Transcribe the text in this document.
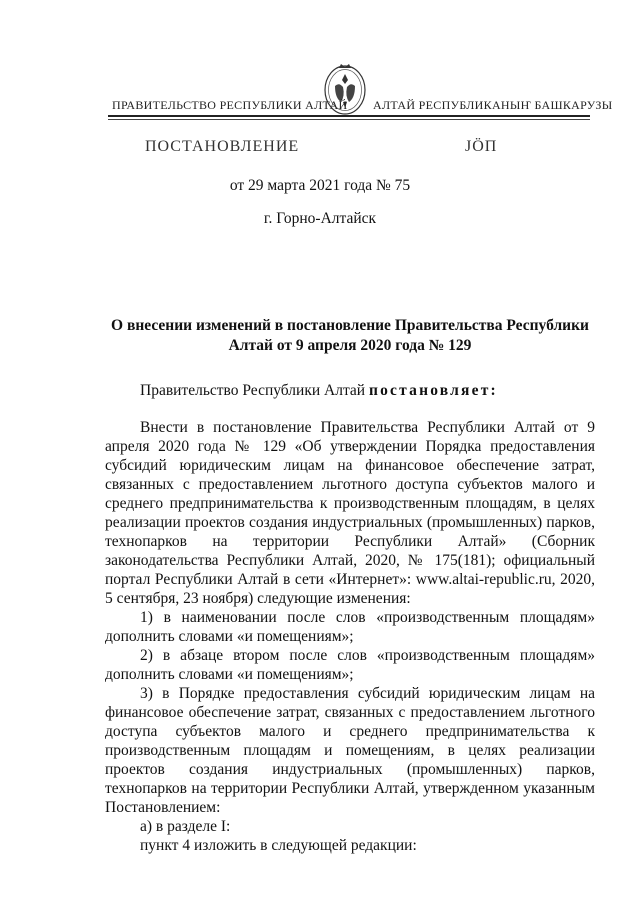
ПРАВИТЕЛЬСТВО РЕСПУБЛИКИ АЛТАЙ АЛТАЙ РЕСПУБЛИКАНЫҤ БАШКАРУЗЫ
ПОСТАНОВЛЕНИЕ	JÖП
от 29 марта 2021 года № 75
г. Горно-Алтайск
О внесении изменений в постановление Правительства Республики
Алтай от 9 апреля 2020 года № 129
Правительство Республики Алтай постановляет:

Внести в постановление Правительства Республики Алтай от 9 апреля 2020 года № 129 «Об утверждении Порядка предоставления субсидий юридическим лицам на финансовое обеспечение затрат, связанных с предоставлением льготного доступа субъектов малого и среднего предпринимательства к производственным площадям, в целях реализации проектов создания индустриальных (промышленных) парков, технопарков на территории Республики Алтай» (Сборник законодательства Республики Алтай, 2020, № 175(181); официальный портал Республики Алтай в сети «Интернет»: www.altai-republic.ru, 2020, 5 сентября, 23 ноября) следующие изменения:

1) в наименовании после слов «производственным площадям» дополнить словами «и помещениям»;

2) в абзаце втором после слов «производственным площадям» дополнить словами «и помещениям»;

3) в Порядке предоставления субсидий юридическим лицам на финансовое обеспечение затрат, связанных с предоставлением льготного доступа субъектов малого и среднего предпринимательства к производственным площадям и помещениям, в целях реализации проектов создания индустриальных (промышленных) парков, технопарков на территории Республики Алтай, утвержденном указанным Постановлением:

а) в разделе I:

пункт 4 изложить в следующей редакции:
